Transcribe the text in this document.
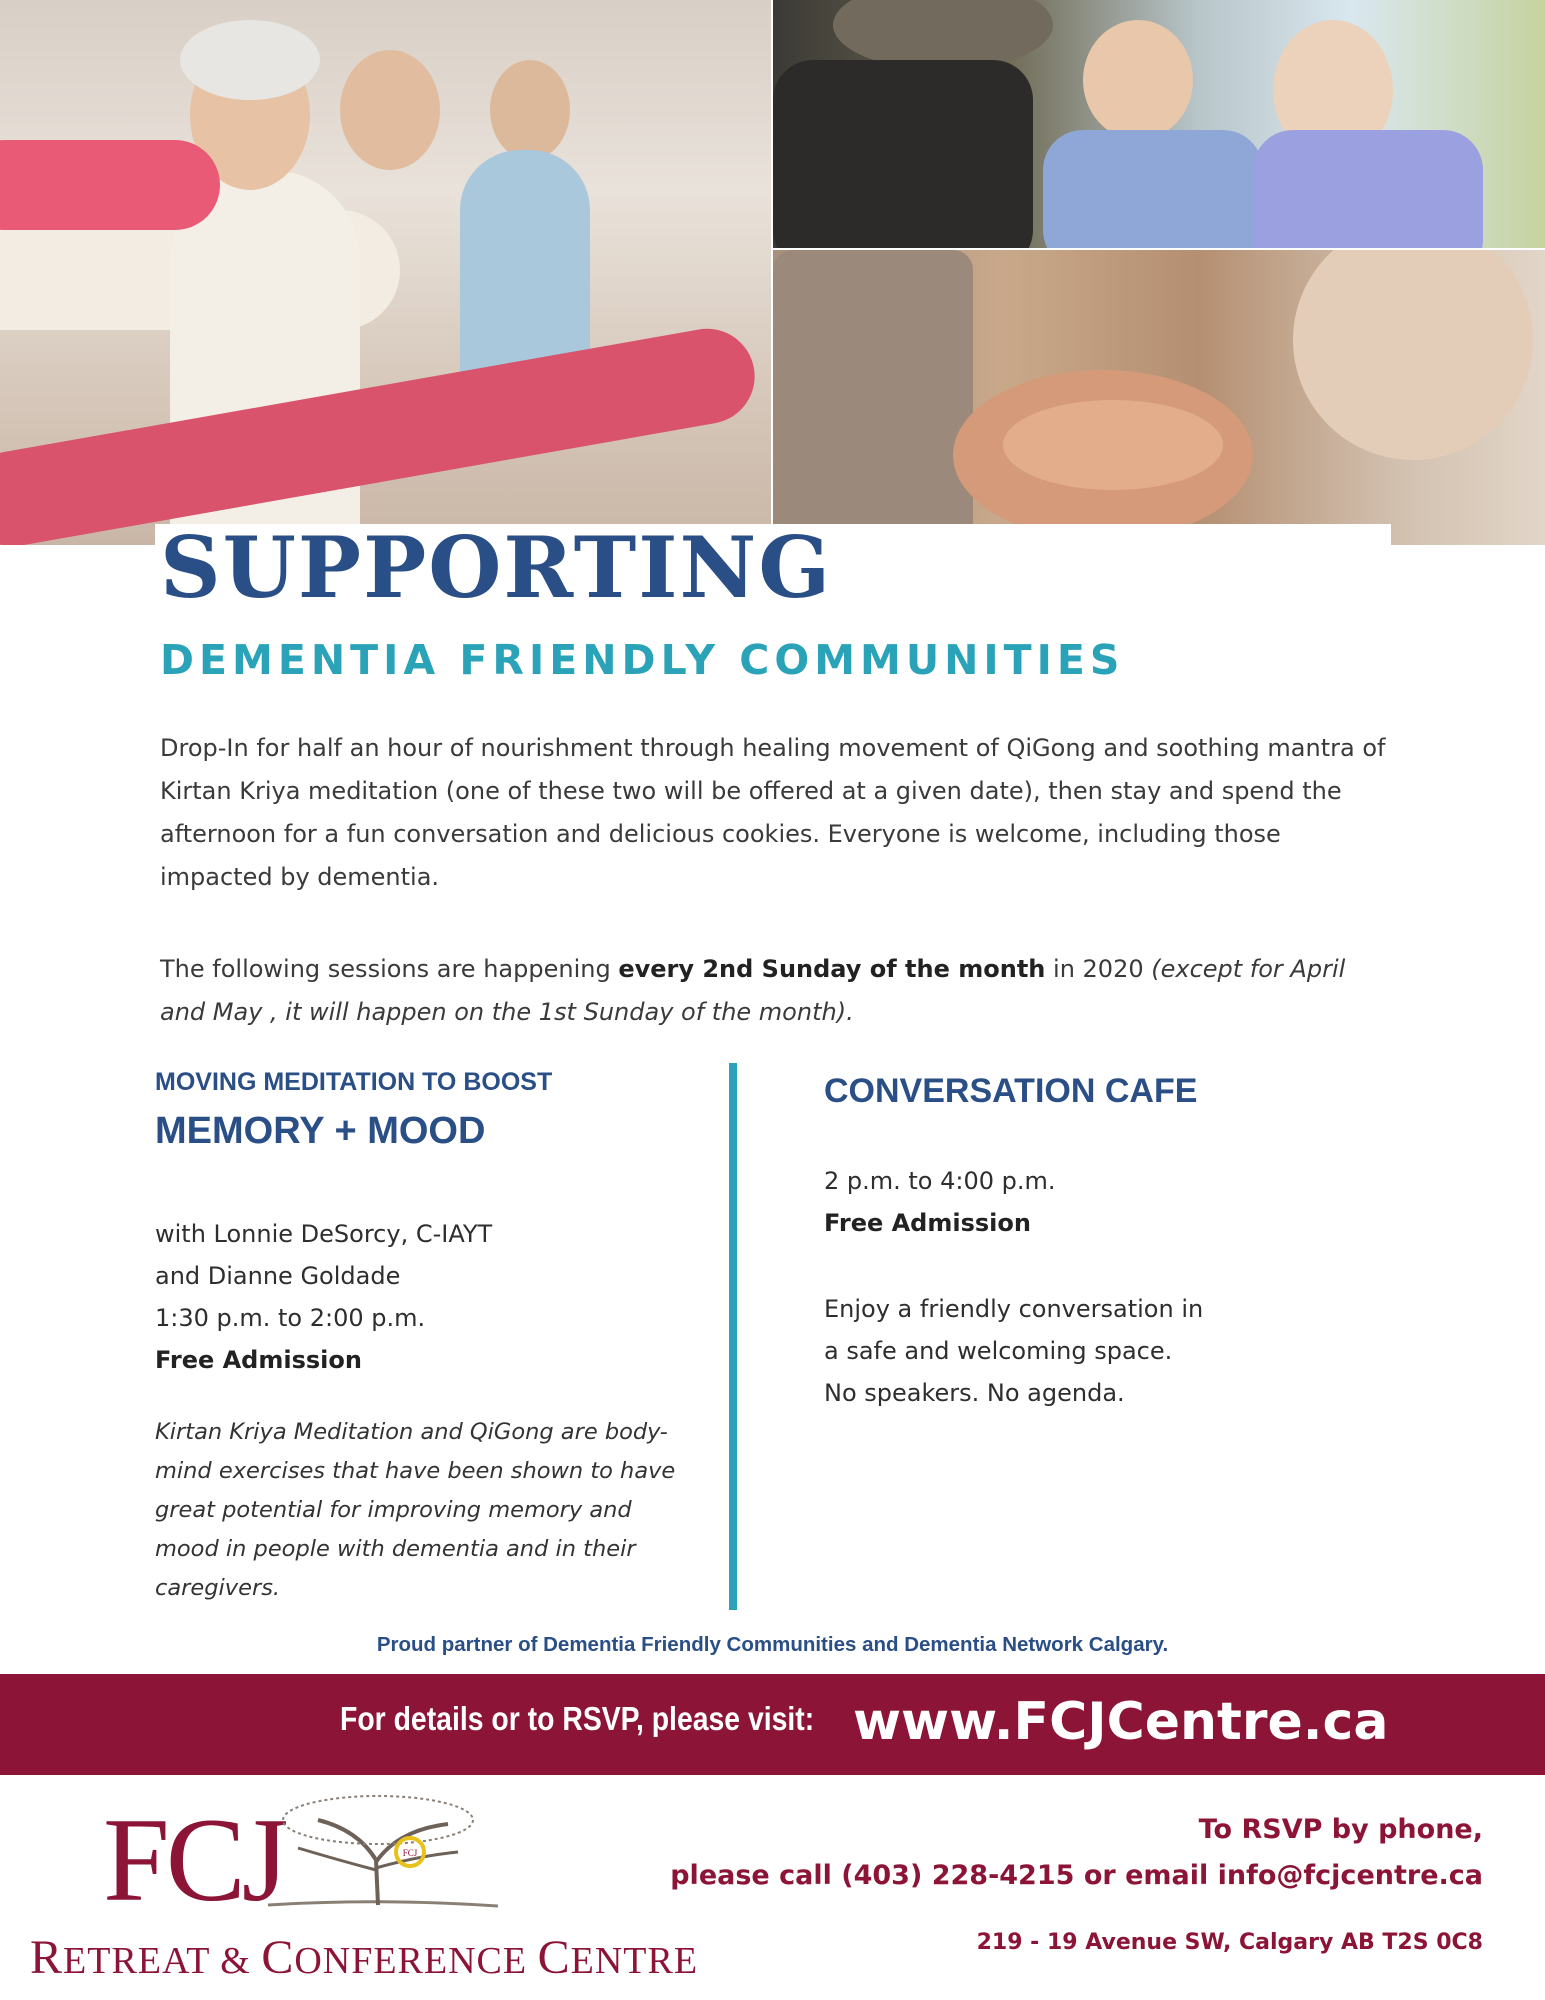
SUPPORTING
DEMENTIA FRIENDLY COMMUNITIES

Drop-In for half an hour of nourishment through healing movement of QiGong and soothing mantra of Kirtan Kriya meditation (one of these two will be offered at a given date), then stay and spend the afternoon for a fun conversation and delicious cookies. Everyone is welcome, including those impacted by dementia.

The following sessions are happening every 2nd Sunday of the month in 2020 (except for April and May , it will happen on the 1st Sunday of the month).

MOVING MEDITATION TO BOOST

MEMORY + MOOD

with Lonnie DeSorcy, C-IAYT
and Dianne Goldade
1:30 p.m. to 2:00 p.m.
Free Admission

Kirtan Kriya Meditation and QiGong are body-mind exercises that have been shown to have great potential for improving memory and mood in people with dementia and in their caregivers.

CONVERSATION CAFE

2 p.m. to 4:00 p.m.
Free Admission
Enjoy a friendly conversation in
a safe and welcoming space.
No speakers. No agenda.

Proud partner of Dementia Friendly Communities and Dementia Network Calgary.

For details or to RSVP, please visit: www.FCJCentre.ca

FCJ	FCJ

RETREAT & CONFERENCE CENTRE

To RSVP by phone,

please call (403) 228-4215 or email info@fcjcentre.ca

219 - 19 Avenue SW, Calgary AB T2S 0C8
